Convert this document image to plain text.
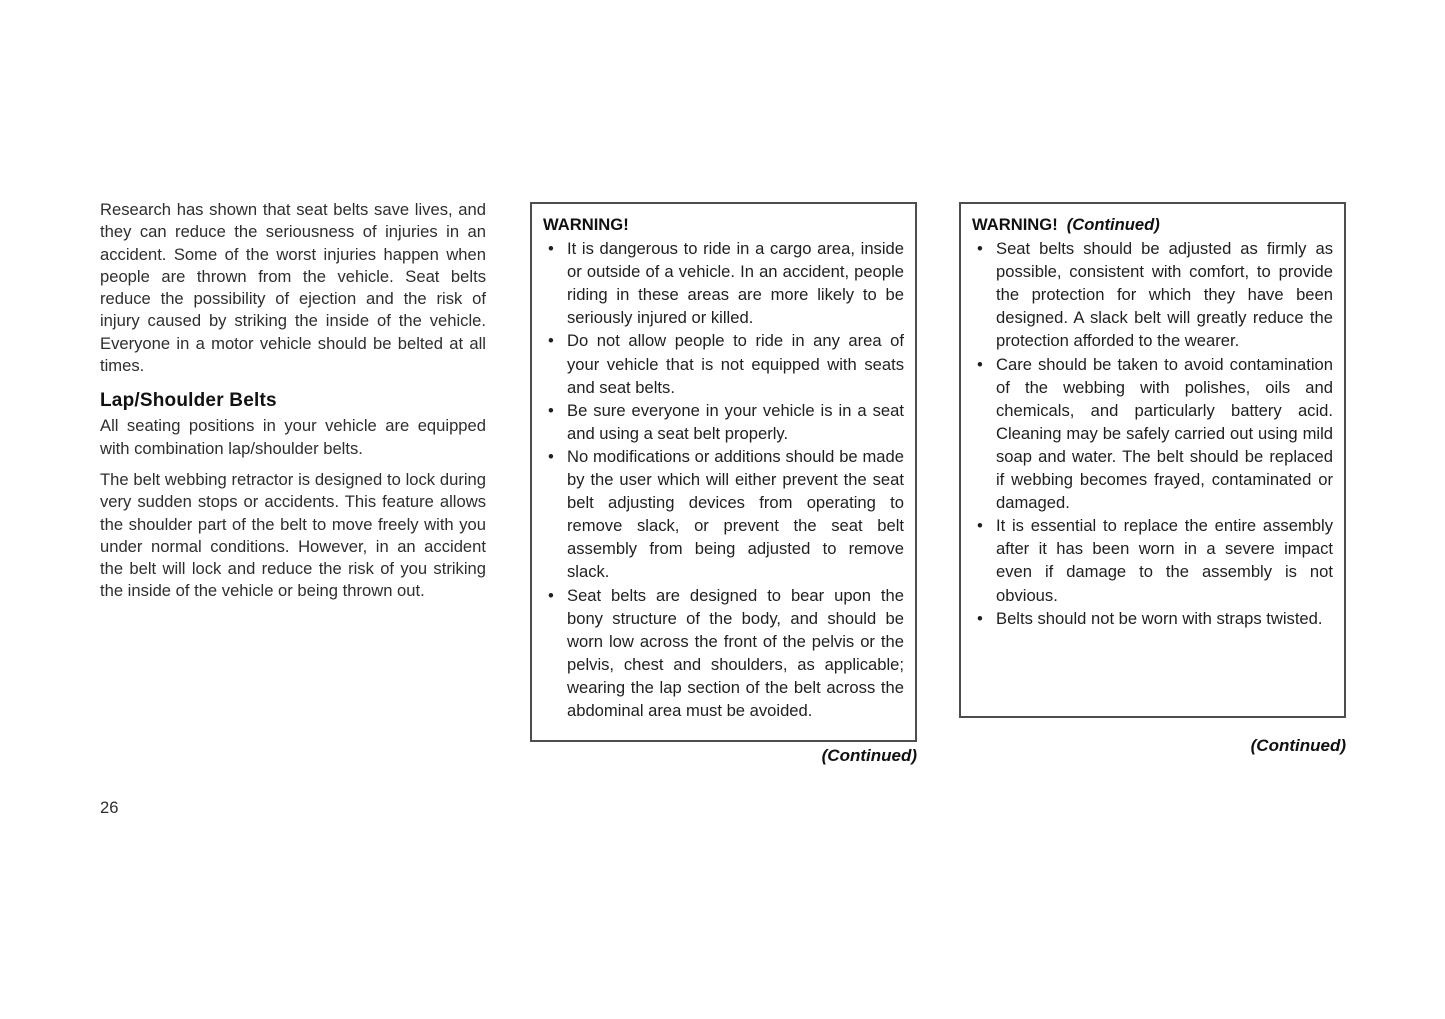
Research has shown that seat belts save lives, and they can reduce the seriousness of injuries in an accident. Some of the worst injuries happen when people are thrown from the vehicle. Seat belts reduce the possibility of ejection and the risk of injury caused by striking the inside of the vehicle. Everyone in a motor vehicle should be belted at all times.

Lap/Shoulder Belts

All seating positions in your vehicle are equipped with combination lap/shoulder belts.

The belt webbing retractor is designed to lock during very sudden stops or accidents. This feature allows the shoulder part of the belt to move freely with you under normal conditions. However, in an accident the belt will lock and reduce the risk of you striking the inside of the vehicle or being thrown out.

WARNING!
• It is dangerous to ride in a cargo area, inside or outside of a vehicle. In an accident, people riding in these areas are more likely to be seriously injured or killed.
• Do not allow people to ride in any area of your vehicle that is not equipped with seats and seat belts.
• Be sure everyone in your vehicle is in a seat and using a seat belt properly.
• No modifications or additions should be made by the user which will either prevent the seat belt adjusting devices from operating to remove slack, or prevent the seat belt assembly from being adjusted to remove slack.
• Seat belts are designed to bear upon the bony structure of the body, and should be worn low across the front of the pelvis or the pelvis, chest and shoulders, as applicable; wearing the lap section of the belt across the abdominal area must be avoided.
(Continued)
WARNING! (Continued)
• Seat belts should be adjusted as firmly as possible, consistent with comfort, to provide the protection for which they have been designed. A slack belt will greatly reduce the protection afforded to the wearer.
• Care should be taken to avoid contamination of the webbing with polishes, oils and chemicals, and particularly battery acid. Cleaning may be safely carried out using mild soap and water. The belt should be replaced if webbing becomes frayed, contaminated or damaged.
• It is essential to replace the entire assembly after it has been worn in a severe impact even if damage to the assembly is not obvious.
• Belts should not be worn with straps twisted.
(Continued)
26
